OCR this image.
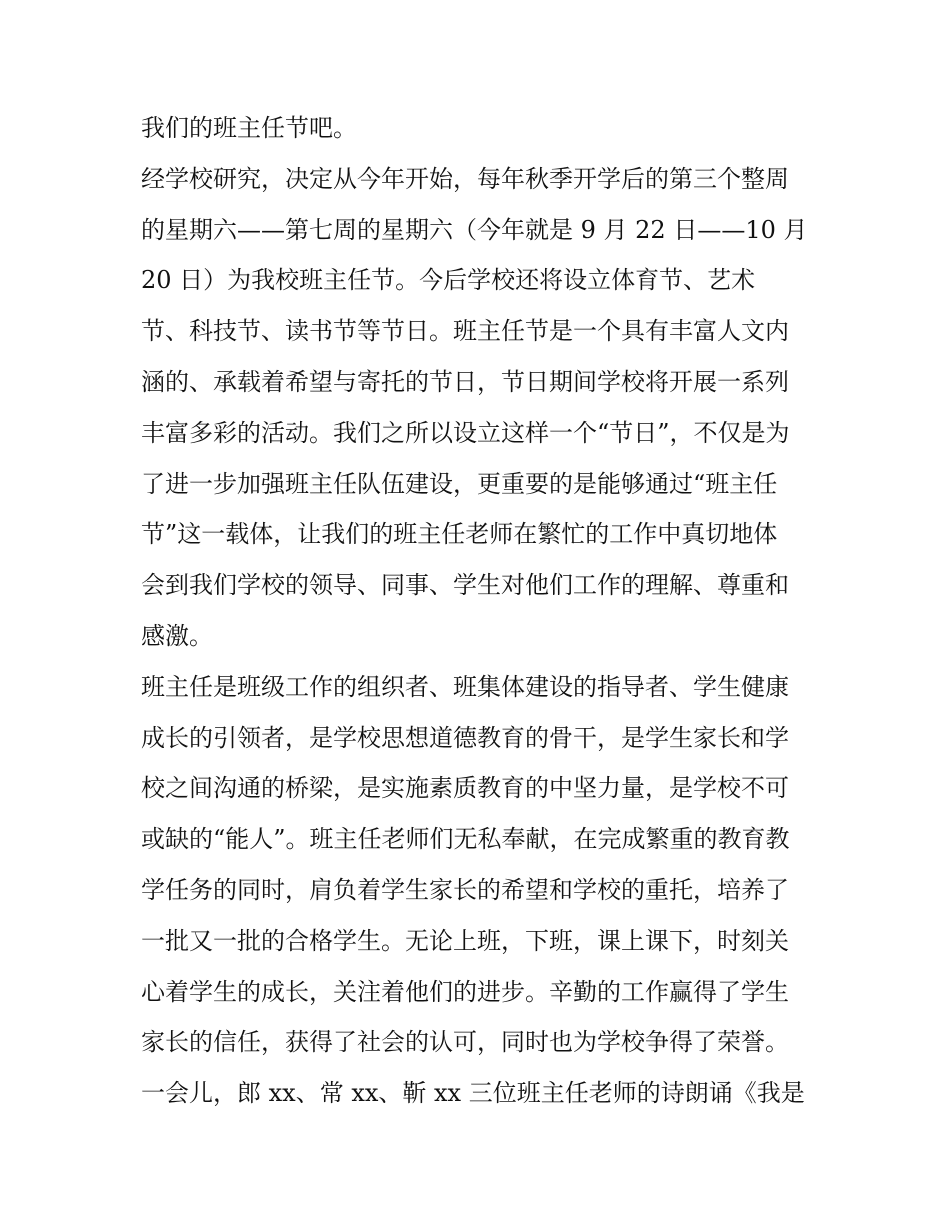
我们的班主任节吧。
经学校研究，决定从今年开始，每年秋季开学后的第三个整周
的星期六——第七周的星期六（今年就是 9 月 22 日——10 月
20 日）为我校班主任节。今后学校还将设立体育节、艺术
节、科技节、读书节等节日。班主任节是一个具有丰富人文内
涵的、承载着希望与寄托的节日，节日期间学校将开展一系列
丰富多彩的活动。我们之所以设立这样一个“节日”，不仅是为
了进一步加强班主任队伍建设，更重要的是能够通过“班主任
节”这一载体，让我们的班主任老师在繁忙的工作中真切地体
会到我们学校的领导、同事、学生对他们工作的理解、尊重和
感激。
班主任是班级工作的组织者、班集体建设的指导者、学生健康
成长的引领者，是学校思想道德教育的骨干，是学生家长和学
校之间沟通的桥梁，是实施素质教育的中坚力量，是学校不可
或缺的“能人”。班主任老师们无私奉献，在完成繁重的教育教
学任务的同时，肩负着学生家长的希望和学校的重托，培养了
一批又一批的合格学生。无论上班，下班，课上课下，时刻关
心着学生的成长，关注着他们的进步。辛勤的工作赢得了学生
家长的信任，获得了社会的认可，同时也为学校争得了荣誉。
一会儿，郎 xx、常 xx、靳 xx 三位班主任老师的诗朗诵《我是
